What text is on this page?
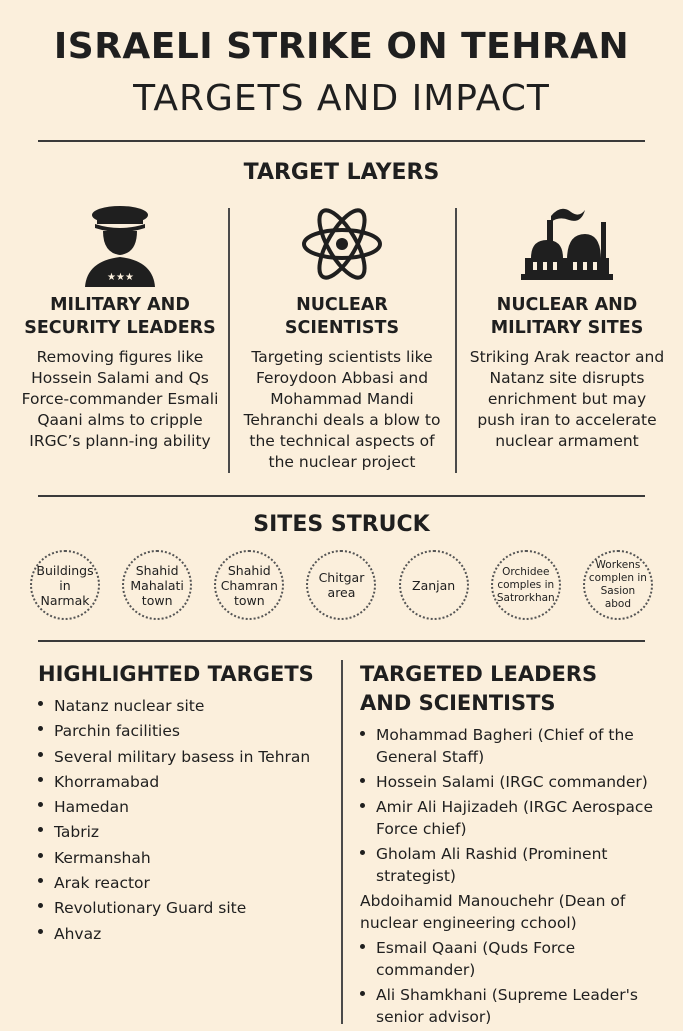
ISRAELI STRIKE ON TEHRAN
TARGETS AND IMPACT
TARGET LAYERS
★ ★ ★
MILITARY AND
SECURITY LEADERS
Removing figures like Hossein Salami and Qs Force-commander Esmali Qaani alms to cripple IRGC’s plann-ing ability
NUCLEAR
SCIENTISTS
Targeting scientists like Feroydoon Abbasi and Mohammad Mandi Tehranchi deals a blow to the technical aspects of the nuclear project
NUCLEAR AND
MILITARY SITES
Striking Arak reactor and Natanz site disrupts enrichment but may push iran to accelerate nuclear armament
SITES STRUCK
Buildings in Narmak
Shahid Mahalati town
Shahid Chamran town
Chitgar area	Zanjan
Orchidee comples in Satrorkhan
Workens complen in Sasion abod
HIGHLIGHTED TARGETS
Natanz nuclear site
Parchin facilities
Several military basess in Tehran
Khorramabad
Hamedan
Tabriz
Kermanshah
Arak reactor
Revolutionary Guard site
Ahvaz
TARGETED LEADERS
AND SCIENTISTS
Mohammad Bagheri (Chief of the General Staff)
Hossein Salami (IRGC commander)
Amir Ali Hajizadeh (IRGC Aerospace Force chief)
Gholam Ali Rashid (Prominent strategist)
Abdoihamid Manouchehr (Dean of nuclear engineering cchool)
Esmail Qaani (Quds Force commander)
Ali Shamkhani (Supreme Leader's senior advisor)
